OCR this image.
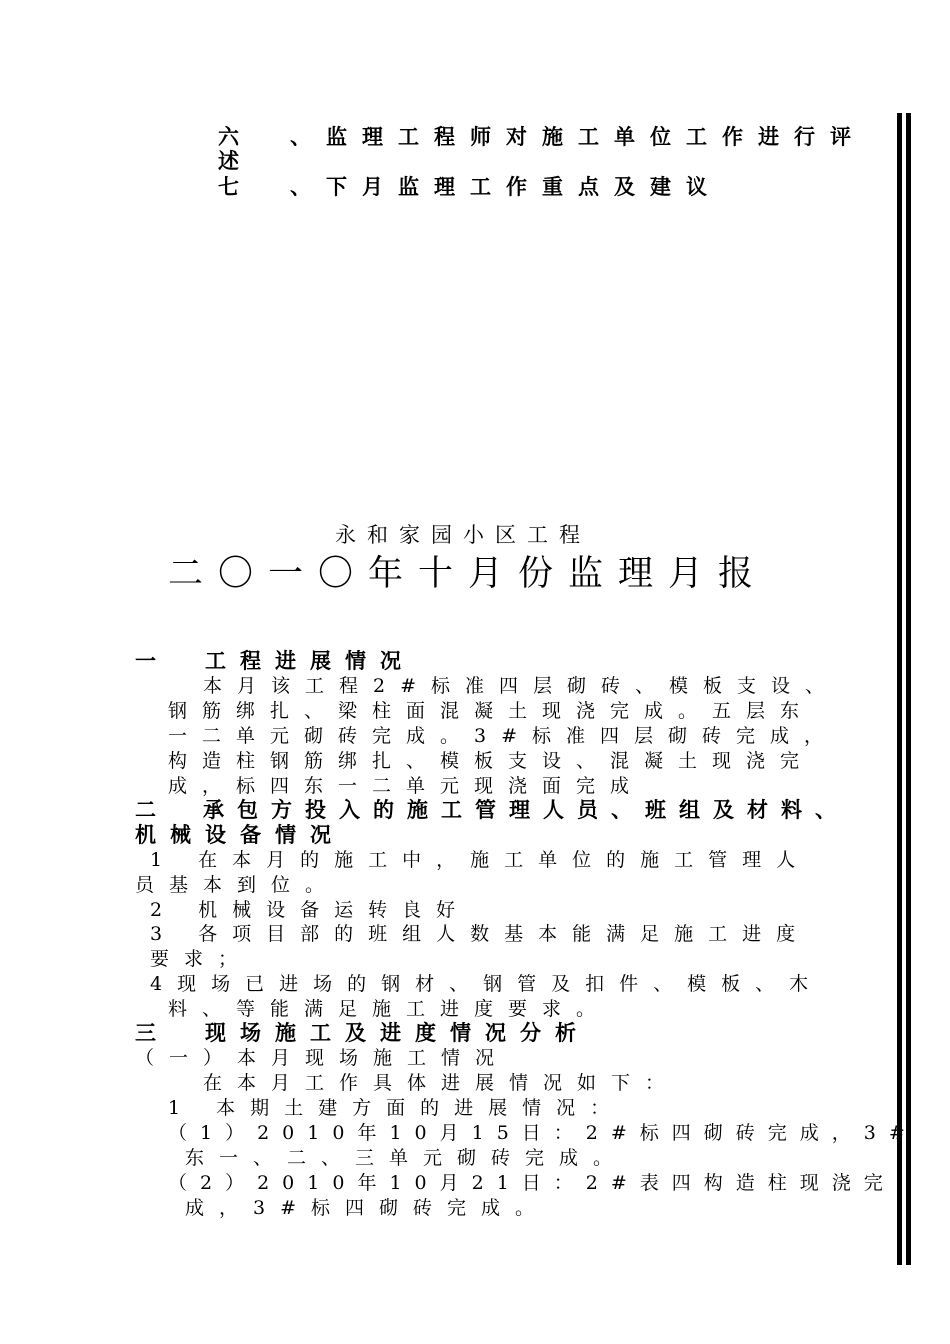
六　、监理工程师对施工单位工作进行评
述
七　、下月监理工作重点及建议
永和家园小区工程
二〇一〇年十月份监理月报
一　工程进展情况
本月该工程2#标准四层砌砖、模板支设、
钢筋绑扎、梁柱面混凝土现浇完成。五层东
一二单元砌砖完成。3#标准四层砌砖完成，
构造柱钢筋绑扎、模板支设、混凝土现浇完
成，标四东一二单元现浇面完成
二　承包方投入的施工管理人员、班组及材料、
机械设备情况
1 在本月的施工中，施工单位的施工管理人
员基本到位。
2 机械设备运转良好
3 各项目部的班组人数基本能满足施工进度
要求；
4现场已进场的钢材、钢管及扣件、模板、木
料、等能满足施工进度要求。
三　现场施工及进度情况分析
（一）本月现场施工情况
在本月工作具体进展情况如下：
1 本期土建方面的进展情况：
（1）2010年10月15日：2#标四砌砖完成，3#
东一、二、三单元砌砖完成。
（2）2010年10月21日：2#表四构造柱现浇完
成，3#标四砌砖完成。
